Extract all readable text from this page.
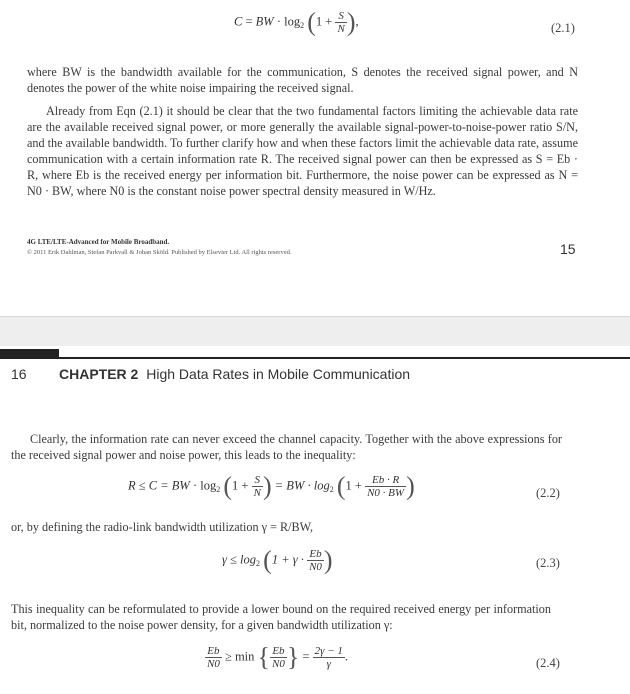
C = BW · $\log_2 (1 + \frac{S}{N}$ ),	(2.1)
where BW is the bandwidth available for the communication, S denotes the received signal power, and N denotes the power of the white noise impairing the received signal.
Already from Eqn (2.1) it should be clear that the two fundamental factors limiting the achievable data rate are the available received signal power, or more generally the available signal-power-to-noise-power ratio S/N, and the available bandwidth. To further clarify how and when these factors limit the achievable data rate, assume communication with a certain information rate R. The received signal power can then be expressed as S = Eb · R, where Eb is the received energy per information bit. Furthermore, the noise power can be expressed as N = N0 · BW, where N0 is the constant noise power spectral density measured in W/Hz.
4G LTE/LTE-Advanced for Mobile Broadband.
© 2011 Erik Dahlman, Stefan Parkvall & Johan Sköld. Published by Elsevier Ltd. All rights reserved.	15
16 CHAPTER 2 High Data Rates in Mobile Communication
Clearly, the information rate can never exceed the channel capacity. Together with the above expressions for the received signal power and noise power, this leads to the inequality:
R ≤ C = BW · $\log_2 (1 + \frac{S}{N}$ ) = BW · $\log_2 (1 + \frac{Eb \cdot R}{N0 \cdot BW}$ )	(2.2)
or, by defining the radio-link bandwidth utilization γ = R/BW,
$\gamma \le \log_2 (1 + \gamma \cdot \frac{Eb}{N0}$ )	(2.3)
This inequality can be reformulated to provide a lower bound on the required received energy per information bit, normalized to the noise power density, for a given bandwidth utilization γ:
$\frac{Eb}{N0} \ge \min$ { $\frac{Eb}{N0}$ } = $\frac{2\gamma - 1}{\gamma}$ .	(2.4)
